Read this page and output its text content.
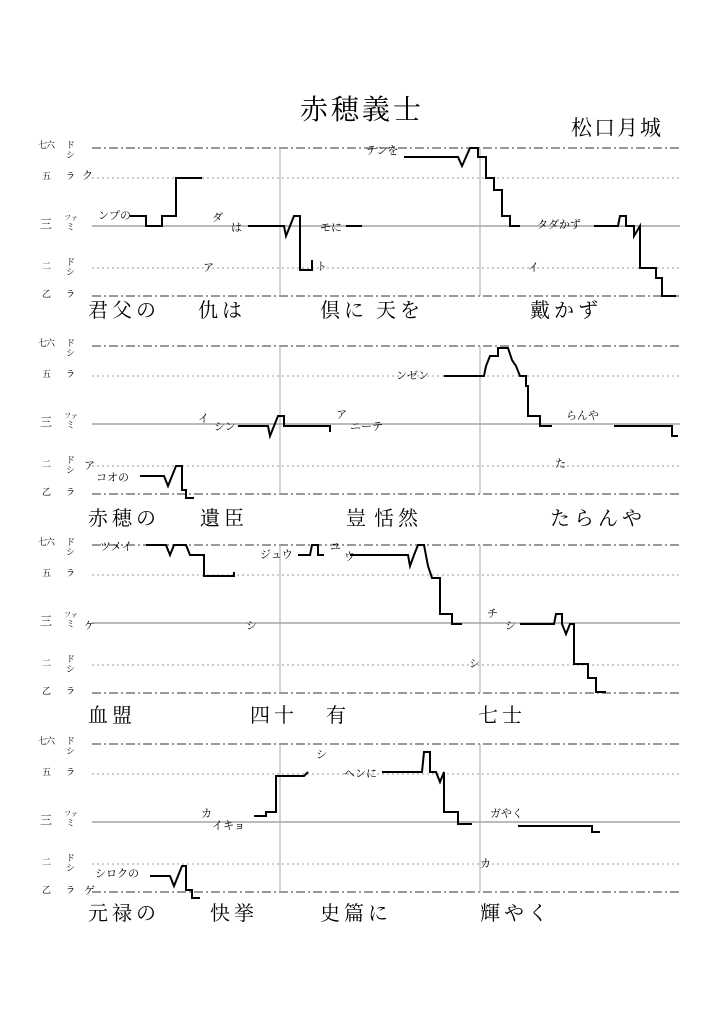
赤穂義士
松口月城
七
六 ド
シ
五 ラ
三 ファ
ミ
二 ド
シ
乙 ラ
七
六 ド
シ
五 ラ
三 ファ
ミ
二 ド
シ
乙 ラ
七
六 ド
シ
五 ラ
三 ファ
ミ
二 ド
シ
乙 ラ
七
六 ド
シ
五 ラ
三 ファ
ミ
二 ド
シ
乙 ラ
君父の 仇は	倶に 天を	戴かず
赤穂の 遺臣	豈 恬然	たらんや
血盟	四十 有	七士
元禄の	快挙	史篇に	輝やく
ク
ンプの	ダ
は
ア
モに
ト
テンを
タダかず
イ
ンゼン
イ
シン
ア
ニーテ
らんや
ア
コオの
た
ツメイ
ジュウ
ユ
ウ
ケ	シ
チ
シ
シ
シ
ヘンに
カ
イキョ
ガやく
シロクの
ゲ
カ
